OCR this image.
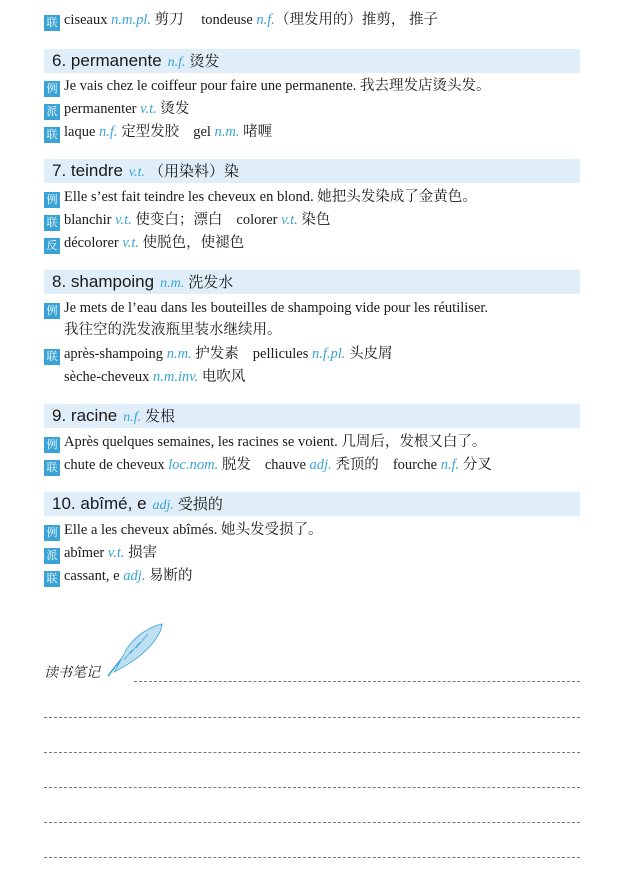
联 ciseaux n.m.pl. 剪刀 tondeuse n.f.（理发用的）推剪， 推子
6. permanente n.f. 烫发
例 Je vais chez le coiffeur pour faire une permanente. 我去理发店烫头发。
派 permanenter v.t. 烫发
联 laque n.f. 定型发胶 gel n.m. 啫喱
7. teindre v.t. （用染料）染
例 Elle s’est fait teindre les cheveux en blond. 她把头发染成了金黄色。
联 blanchir v.t. 使变白；漂白 colorer v.t. 染色
反 décolorer v.t. 使脱色，使褪色
8. shampoing n.m. 洗发水
例 Je mets de l’eau dans les bouteilles de shampoing vide pour les réutiliser.
我往空的洗发液瓶里装水继续用。
联 après-shampoing n.m. 护发素 pellicules n.f.pl. 头皮屑
sèche-cheveux n.m.inv. 电吹风
9. racine n.f. 发根
例 Après quelques semaines, les racines se voient. 几周后，发根又白了。
联 chute de cheveux loc.nom. 脱发 chauve adj. 秃顶的 fourche n.f. 分叉
10. abîmé, e adj. 受损的
例 Elle a les cheveux abîmés. 她头发受损了。
派 abîmer v.t. 损害
联 cassant, e adj. 易断的
读书笔记
